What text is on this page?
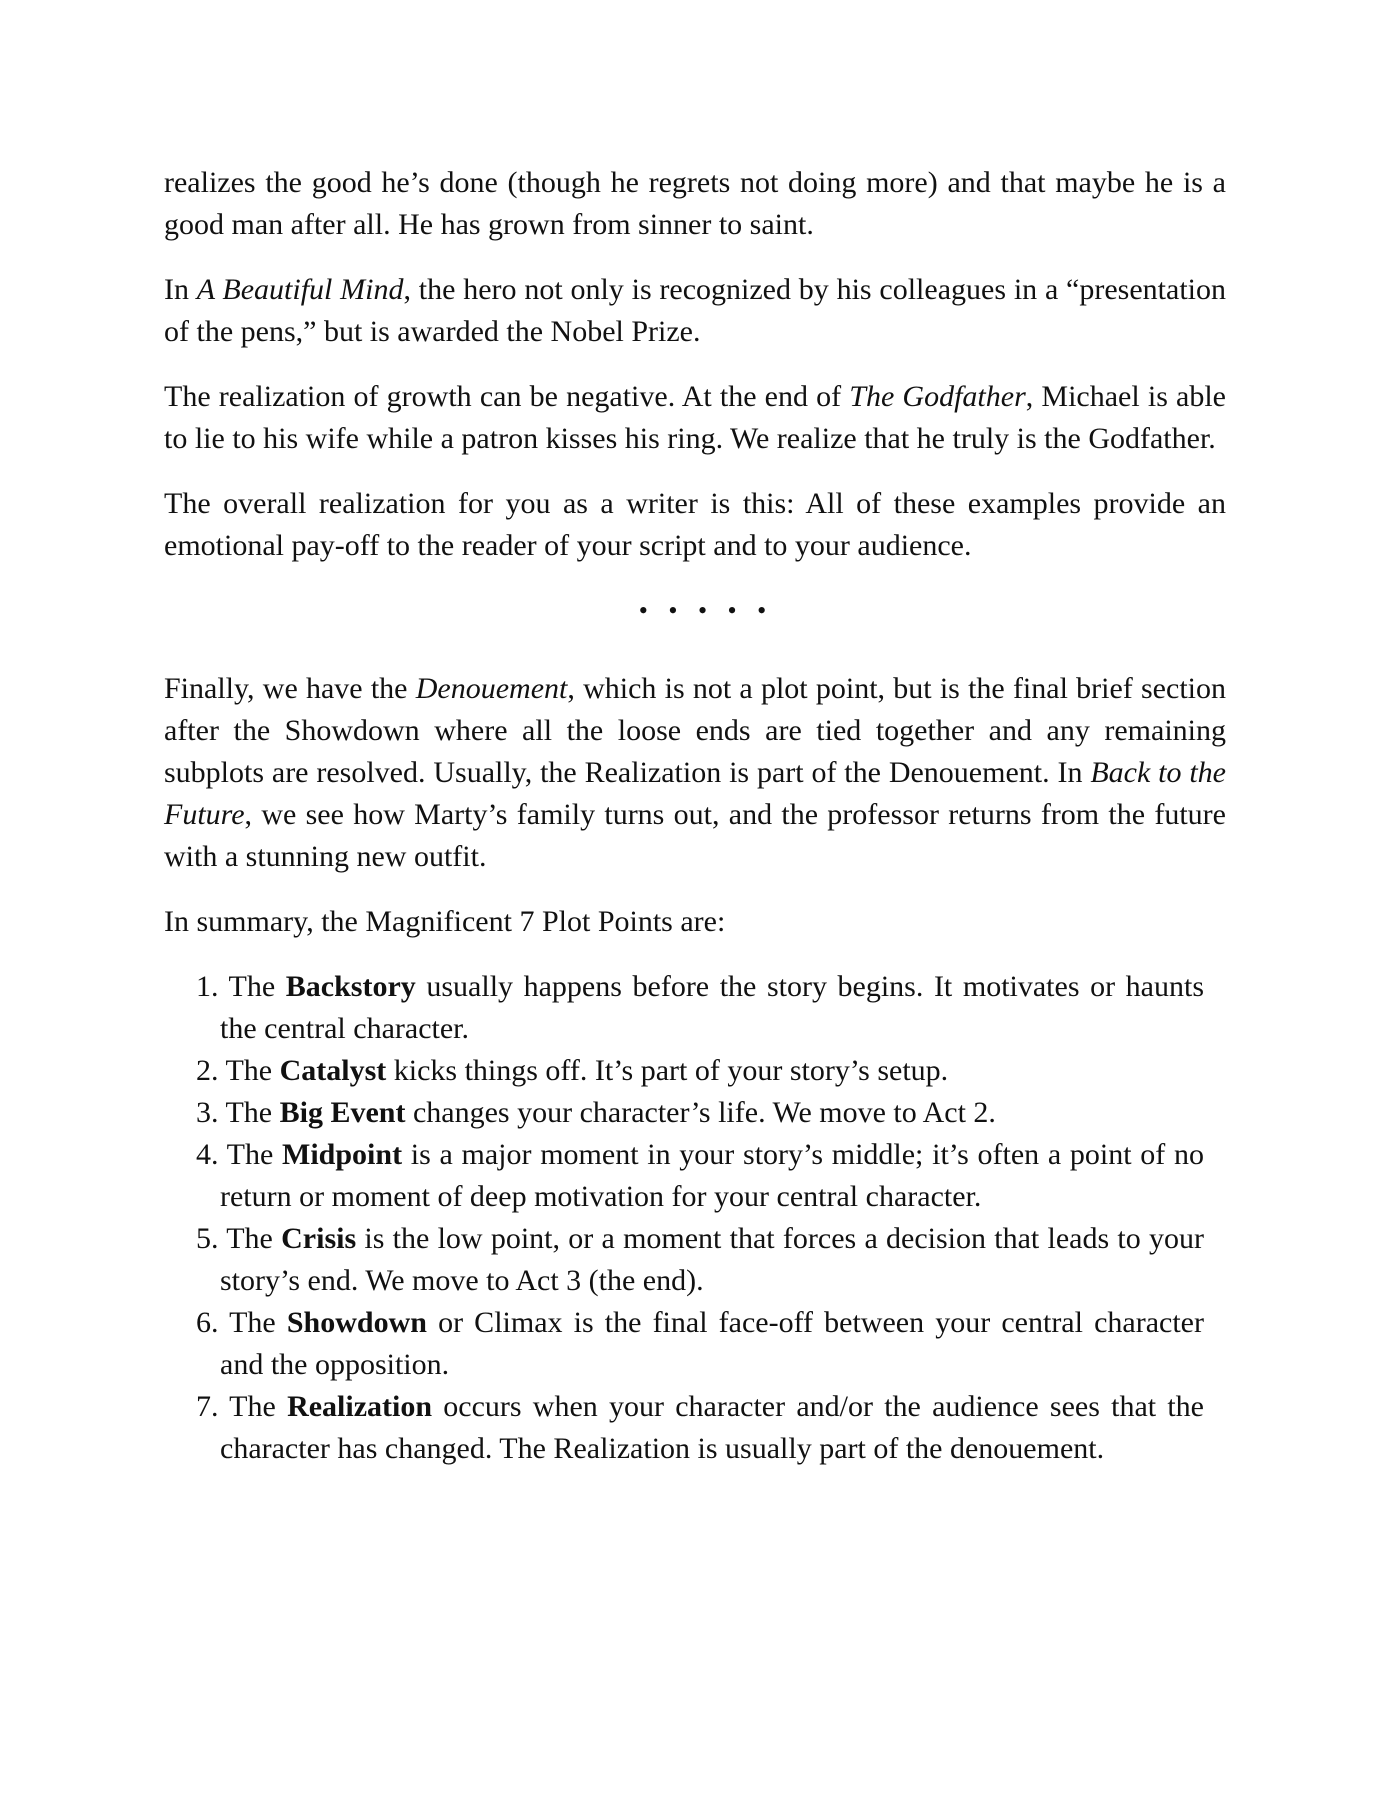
realizes the good he’s done (though he regrets not doing more) and that maybe he is a good man after all. He has grown from sinner to saint.

In A Beautiful Mind, the hero not only is recognized by his colleagues in a “presentation of the pens,” but is awarded the Nobel Prize.

The realization of growth can be negative. At the end of The Godfather, Michael is able to lie to his wife while a patron kisses his ring. We realize that he truly is the Godfather.

The overall realization for you as a writer is this: All of these examples provide an emotional pay-off to the reader of your script and to your audience.

• • • • •

Finally, we have the Denouement, which is not a plot point, but is the final brief section after the Showdown where all the loose ends are tied together and any remaining subplots are resolved. Usually, the Realization is part of the Denouement. In Back to the Future, we see how Marty’s family turns out, and the professor returns from the future with a stunning new outfit.

In summary, the Magnificent 7 Plot Points are:

1. The Backstory usually happens before the story begins. It motivates or haunts the central character.
2. The Catalyst kicks things off. It’s part of your story’s setup.
3. The Big Event changes your character’s life. We move to Act 2.
4. The Midpoint is a major moment in your story’s middle; it’s often a point of no return or moment of deep motivation for your central character.
5. The Crisis is the low point, or a moment that forces a decision that leads to your story’s end. We move to Act 3 (the end).
6. The Showdown or Climax is the final face-off between your central character and the opposition.
7. The Realization occurs when your character and/or the audience sees that the character has changed. The Realization is usually part of the denouement.
